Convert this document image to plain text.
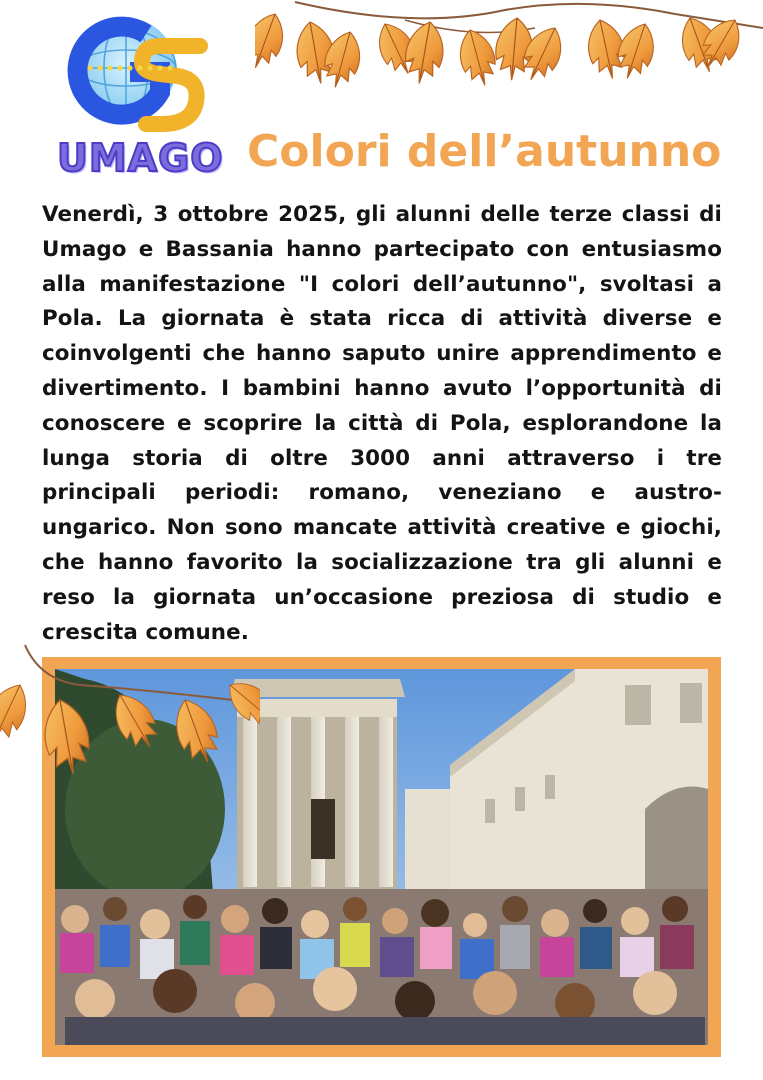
UMAGO Colori dell’autunno

Venerdì, 3 ottobre 2025, gli alunni delle terze classi di Umago e Bassania hanno partecipato con entusiasmo alla manifestazione "I colori dell’autunno", svoltasi a Pola. La giornata è stata ricca di attività diverse e coinvolgenti che hanno saputo unire apprendimento e divertimento. I bambini hanno avuto l’opportunità di conoscere e scoprire la città di Pola, esplorandone la lunga storia di oltre 3000 anni attraverso i tre principali periodi: romano, veneziano e austro-ungarico. Non sono mancate attività creative e giochi, che hanno favorito la socializzazione tra gli alunni e reso la giornata un’occasione preziosa di studio e crescita comune.
